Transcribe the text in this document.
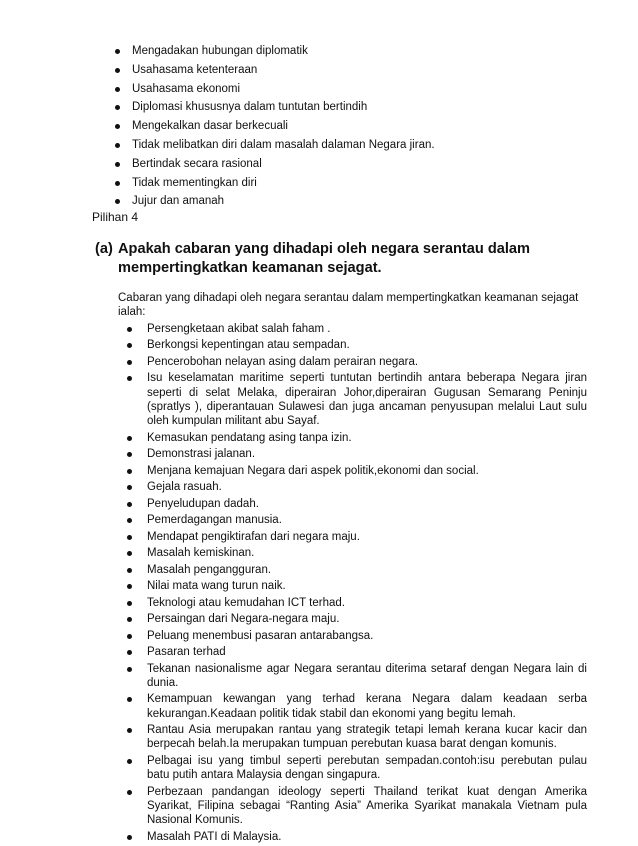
Mengadakan hubungan diplomatik
Usahasama ketenteraan
Usahasama ekonomi
Diplomasi khususnya dalam tuntutan bertindih
Mengekalkan dasar berkecuali
Tidak melibatkan diri dalam masalah dalaman Negara jiran.
Bertindak secara rasional
Tidak mementingkan diri
Jujur dan amanah
Pilihan 4
(a) Apakah cabaran yang dihadapi oleh negara serantau dalam
mempertingkatkan keamanan sejagat.
Cabaran yang dihadapi oleh negara serantau dalam mempertingkatkan keamanan sejagat
ialah:
Persengketaan akibat salah faham .
Berkongsi kepentingan atau sempadan.
Pencerobohan nelayan asing dalam perairan negara.
Isu keselamatan maritime seperti tuntutan bertindih antara beberapa Negara jiran seperti di selat Melaka, diperairan Johor,diperairan Gugusan Semarang Peninju (spratlys ), diperantauan Sulawesi dan juga ancaman penyusupan melalui Laut sulu oleh kumpulan militant abu Sayaf.
Kemasukan pendatang asing tanpa izin.
Demonstrasi jalanan.
Menjana kemajuan Negara dari aspek politik,ekonomi dan social.
Gejala rasuah.
Penyeludupan dadah.
Pemerdagangan manusia.
Mendapat pengiktirafan dari negara maju.
Masalah kemiskinan.
Masalah pengangguran.
Nilai mata wang turun naik.
Teknologi atau kemudahan ICT terhad.
Persaingan dari Negara-negara maju.
Peluang menembusi pasaran antarabangsa.
Pasaran terhad
Tekanan nasionalisme agar Negara serantau diterima setaraf dengan Negara lain di dunia.
Kemampuan kewangan yang terhad kerana Negara dalam keadaan serba kekurangan.Keadaan politik tidak stabil dan ekonomi yang begitu lemah.
Rantau Asia merupakan rantau yang strategik tetapi lemah kerana kucar kacir dan berpecah belah.Ia merupakan tumpuan perebutan kuasa barat dengan komunis.
Pelbagai isu yang timbul seperti perebutan sempadan.contoh:isu perebutan pulau batu putih antara Malaysia dengan singapura.
Perbezaan pandangan ideology seperti Thailand terikat kuat dengan Amerika Syarikat, Filipina sebagai “Ranting Asia” Amerika Syarikat manakala Vietnam pula Nasional Komunis.
Masalah PATI di Malaysia.
